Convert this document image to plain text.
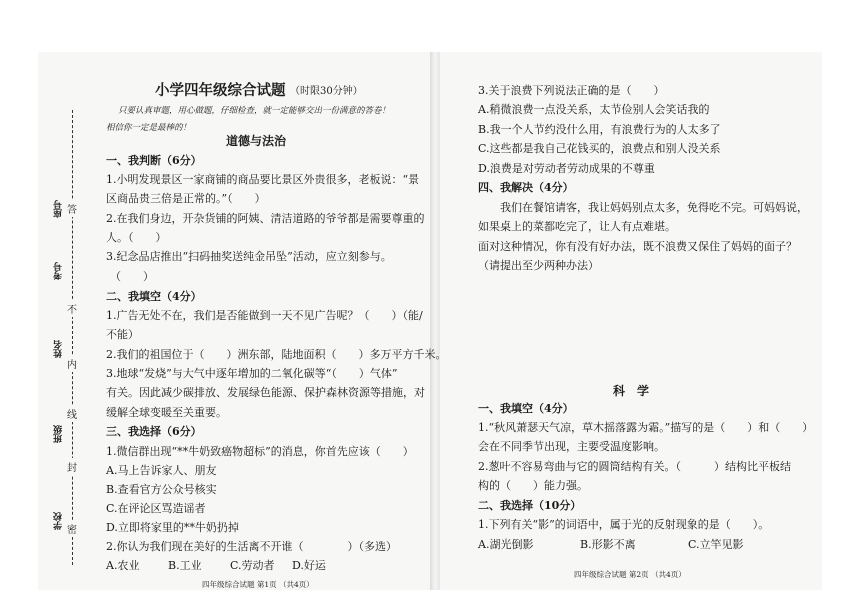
学校
班级
姓名
考号
座号 答
不
内
线
封
密
小学四年级综合试题 （时限30分钟）
只要认真审题，用心做题，仔细检查，就一定能够交出一份满意的答卷！
相信你一定是最棒的！
道德与法治
一、我判断（6分）
1.小明发现景区一家商铺的商品要比景区外贵很多，老板说：“景
区商品贵三倍是正常的。”（　　）
2.在我们身边，开杂货铺的阿姨、清洁道路的爷爷都是需要尊重的
人。（　　）
3.纪念品店推出“扫码抽奖送纯金吊坠”活动，应立刻参与。
（　　）
二、我填空（4分）
1.广告无处不在，我们是否能做到一天不见广告呢？（　　）（能/
不能）
2.我们的祖国位于（　　）洲东部，陆地面积（　　）多万平方千米。
3.地球“发烧”与大气中逐年增加的二氧化碳等“（　　）气体”
有关。因此减少碳排放、发展绿色能源、保护森林资源等措施，对
缓解全球变暖至关重要。
三、我选择（6分）
1.微信群出现“**牛奶致癌物超标”的消息，你首先应该（　　）
A.马上告诉家人、朋友
B.查看官方公众号核实
C.在评论区骂造谣者
D.立即将家里的**牛奶扔掉
2.你认为我们现在美好的生活离不开谁（　　　　）（多选）
A.农业	B.工业	C.劳动者 D.好运
四年级综合试题 第1页 （共4页）
3.关于浪费下列说法正确的是（　　）
A.稍微浪费一点没关系，太节俭别人会笑话我的
B.我一个人节约没什么用，有浪费行为的人太多了
C.这些都是我自己花钱买的，浪费点和别人没关系
D.浪费是对劳动者劳动成果的不尊重
四、我解决（4分）
我们在餐馆请客，我让妈妈别点太多，免得吃不完。可妈妈说，
如果桌上的菜都吃完了，让人有点难堪。
面对这种情况，你有没有好办法，既不浪费又保住了妈妈的面子？
（请提出至少两种办法）
科　学
一、我填空（4分）
1.“秋风萧瑟天气凉，草木摇落露为霜。”描写的是（　　）和（　　）
会在不同季节出现，主要受温度影响。
2.葱叶不容易弯曲与它的圆筒结构有关。（　　　）结构比平板结
构的（　　）能力强。
二、我选择（10分）
1.下列有关“影”的词语中，属于光的反射现象的是（　　）。
A.湖光倒影	B.形影不离	C.立竿见影
四年级综合试题 第2页 （共4页）
